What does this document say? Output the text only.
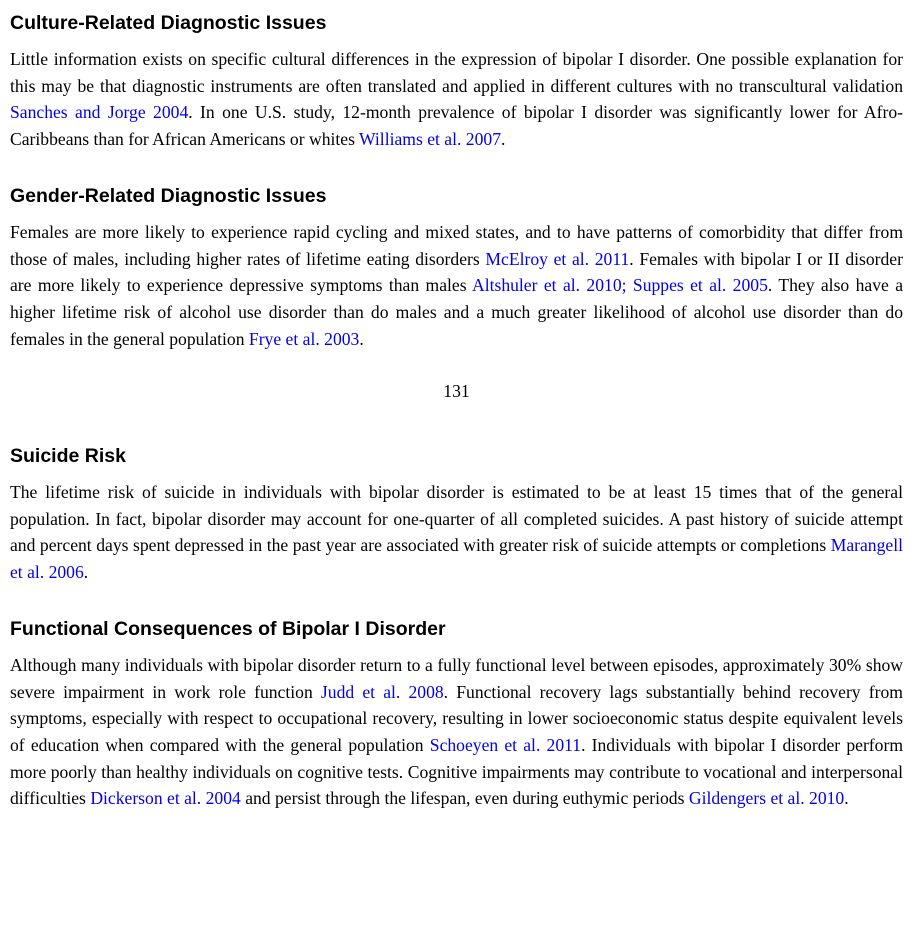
Culture-Related Diagnostic Issues

Little information exists on specific cultural differences in the expression of bipolar I disorder. One possible explanation for this may be that diagnostic instruments are often translated and applied in different cultures with no transcultural validation Sanches and Jorge 2004. In one U.S. study, 12-month prevalence of bipolar I disorder was significantly lower for Afro-Caribbeans than for African Americans or whites Williams et al. 2007.

Gender-Related Diagnostic Issues

Females are more likely to experience rapid cycling and mixed states, and to have patterns of comorbidity that differ from those of males, including higher rates of lifetime eating disorders McElroy et al. 2011. Females with bipolar I or II disorder are more likely to experience depressive symptoms than males Altshuler et al. 2010; Suppes et al. 2005. They also have a higher lifetime risk of alcohol use disorder than do males and a much greater likelihood of alcohol use disorder than do females in the general population Frye et al. 2003.

131
Suicide Risk

The lifetime risk of suicide in individuals with bipolar disorder is estimated to be at least 15 times that of the general population. In fact, bipolar disorder may account for one-quarter of all completed suicides. A past history of suicide attempt and percent days spent depressed in the past year are associated with greater risk of suicide attempts or completions Marangell et al. 2006.

Functional Consequences of Bipolar I Disorder

Although many individuals with bipolar disorder return to a fully functional level between episodes, approximately 30% show severe impairment in work role function Judd et al. 2008. Functional recovery lags substantially behind recovery from symptoms, especially with respect to occupational recovery, resulting in lower socioeconomic status despite equivalent levels of education when compared with the general population Schoeyen et al. 2011. Individuals with bipolar I disorder perform more poorly than healthy individuals on cognitive tests. Cognitive impairments may contribute to vocational and interpersonal difficulties Dickerson et al. 2004 and persist through the lifespan, even during euthymic periods Gildengers et al. 2010.
